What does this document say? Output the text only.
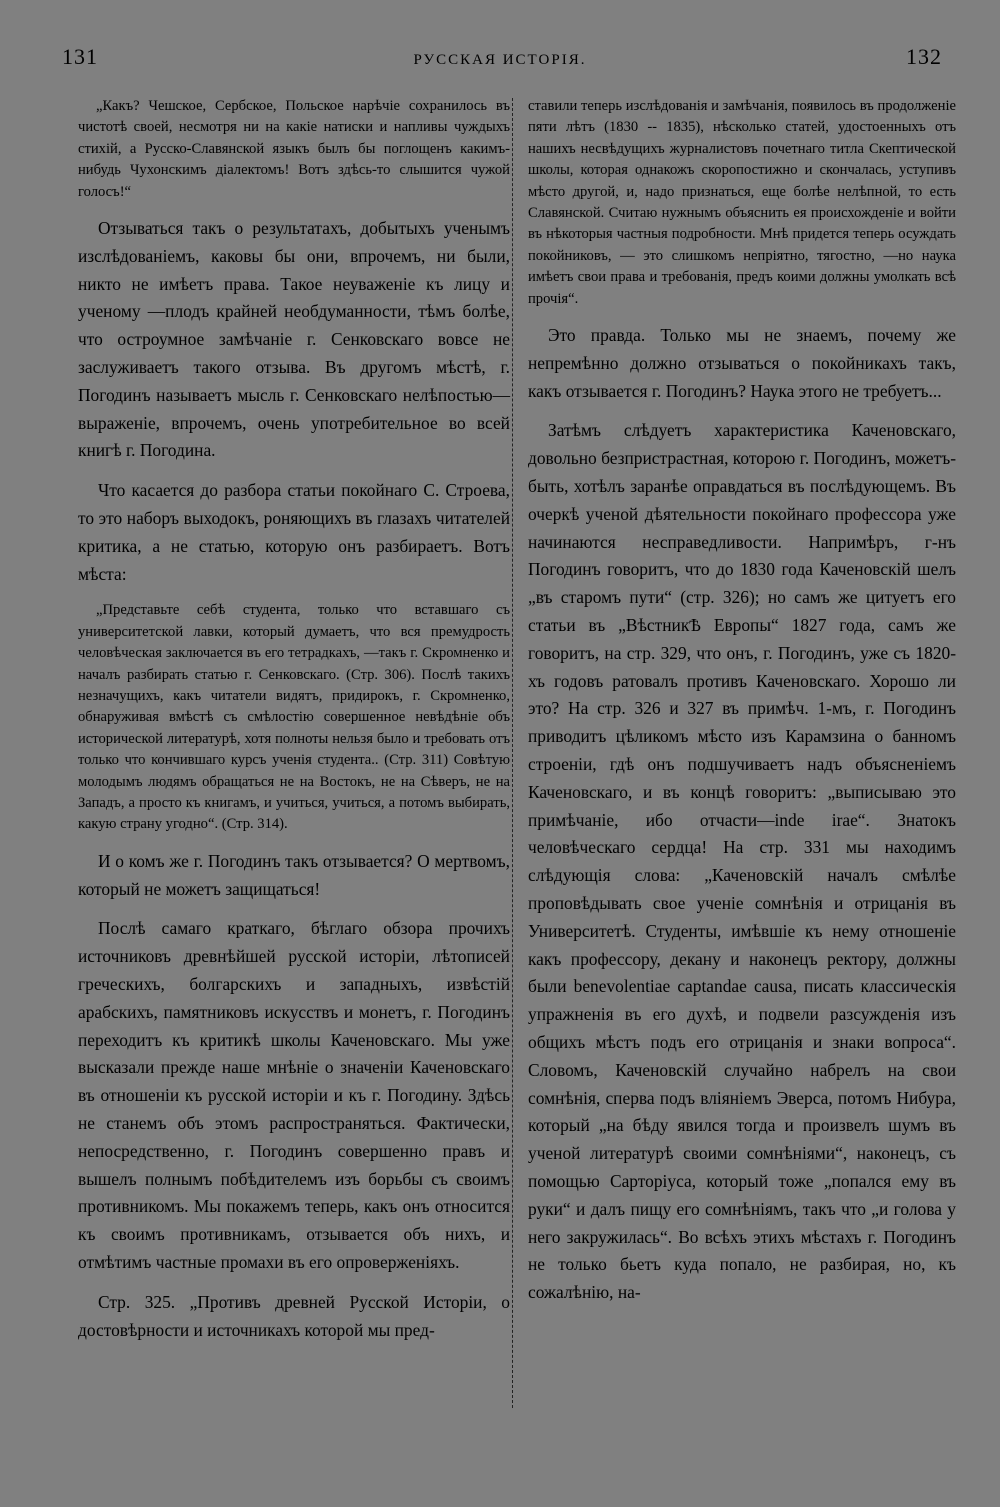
131	РУССКАЯ ИСТОРІЯ.	132

„Какъ? Чешское, Сербское, Польское нарѣчіе сохранилось въ чистотѣ своей, несмотря ни на какіе натиски и напливы чуждыхъ стихій, а Русско-Славянской языкъ былъ бы поглощенъ какимъ-нибудь Чухонскимъ діалектомъ! Вотъ здѣсь-то слышится чужой голосъ!“

Отзываться такъ о результатахъ, добытыхъ ученымъ изслѣдованіемъ, каковы бы они, впрочемъ, ни были, никто не имѣетъ права. Такое неуваженіе къ лицу и ученому —плодъ крайней необдуманности, тѣмъ болѣе, что остроумное замѣчаніе г. Сенковскаго вовсе не заслуживаетъ такого отзыва. Въ другомъ мѣстѣ, г. Погодинъ называетъ мысль г. Сенковскаго нелѣпостью—выраженіе, впрочемъ, очень употребительное во всей книгѣ г. Погодина.

Что касается до разбора статьи покойнаго С. Строева, то это наборъ выходокъ, роняющихъ въ глазахъ читателей критика, а не статью, которую онъ разбираетъ. Вотъ мѣста:

„Представьте себѣ студента, только что вставшаго съ университетской лавки, который думаетъ, что вся премудрость человѣческая заключается въ его тетрадкахъ, —такъ г. Скромненко и началъ разбирать статью г. Сенковскаго. (Стр. 306). Послѣ такихъ незначущихъ, какъ читатели видятъ, придирокъ, г. Скромненко, обнаруживая вмѣстѣ съ смѣлостію совершенное невѣдѣніе объ исторической литературѣ, хотя полноты нельзя было и требовать отъ только что кончившаго курсъ ученія студента.. (Стр. 311) Совѣтую молодымъ людямъ обращаться не на Востокъ, не на Сѣверъ, не на Западъ, а просто къ книгамъ, и учиться, учиться, а потомъ выбирать, какую страну угодно“. (Стр. 314).

И о комъ же г. Погодинъ такъ отзывается? О мертвомъ, который не можетъ защищаться!

Послѣ самаго краткаго, бѣглаго обзора прочихъ источниковъ древнѣйшей русской исторіи, лѣтописей греческихъ, болгарскихъ и западныхъ, извѣстій арабскихъ, памятниковъ искусствъ и монетъ, г. Погодинъ переходитъ къ критикѣ школы Каченовскаго. Мы уже высказали прежде наше мнѣніе о значеніи Каченовскаго въ отношеніи къ русской исторіи и къ г. Погодину. Здѣсь не станемъ объ этомъ распространяться. Фактически, непосредственно, г. Погодинъ совершенно правъ и вышелъ полнымъ побѣдителемъ изъ борьбы съ своимъ противникомъ. Мы покажемъ теперь, какъ онъ относится къ своимъ противникамъ, отзывается объ нихъ, и отмѣтимъ частные промахи въ его опроверженіяхъ.

Стр. 325. „Противъ древней Русской Исторіи, о достовѣрности и источникахъ которой мы пред-

ставили теперь изслѣдованія и замѣчанія, появилось въ продолженіе пяти лѣтъ (1830 -- 1835), нѣсколько статей, удостоенныхъ отъ нашихъ несвѣдущихъ журналистовъ почетнаго титла Скептической школы, которая однакожъ скоропостижно и скончалась, уступивъ мѣсто другой, и, надо признаться, еще болѣе нелѣпной, то есть Славянской. Считаю нужнымъ объяснить ея происхожденіе и войти въ нѣкоторыя частныя подробности. Мнѣ придется теперь осуждать покойниковъ, — это слишкомъ непріятно, тягостно, —но наука имѣетъ свои права и требованія, предъ коими должны умолкать всѣ прочія“.

Это правда. Только мы не знаемъ, почему же непремѣнно должно отзываться о покойникахъ такъ, какъ отзывается г. Погодинъ? Наука этого не требуетъ...

Затѣмъ слѣдуетъ характеристика Каченовскаго, довольно безпристрастная, которою г. Погодинъ, можетъ-быть, хотѣлъ заранѣе оправдаться въ послѣдующемъ. Въ очеркѣ ученой дѣятельности покойнаго профессора уже начинаются несправедливости. Напримѣръ, г-нъ Погодинъ говоритъ, что до 1830 года Каченовскій шелъ „въ старомъ пути“ (стр. 326); но самъ же цитуетъ его статьи въ „ВѣстникѢ Европы“ 1827 года, самъ же говоритъ, на стр. 329, что онъ, г. Погодинъ, уже съ 1820-хъ годовъ ратовалъ противъ Каченовскаго. Хорошо ли это? На стр. 326 и 327 въ примѣч. 1-мъ, г. Погодинъ приводитъ цѣликомъ мѣсто изъ Карамзина о банномъ строеніи, гдѣ онъ подшучиваетъ надъ объясненіемъ Каченовскаго, и въ концѣ говоритъ: „выписываю это примѣчаніе, ибо отчасти—inde irae“. Знатокъ человѣческаго сердца! На стр. 331 мы находимъ слѣдующія слова: „Каченовскій началъ смѣлѣе проповѣдывать свое ученіе сомнѣнія и отрицанія въ Университетѣ. Студенты, имѣвшіе къ нему отношеніе какъ профессору, декану и наконецъ ректору, должны были benevolentiae captandae causa, писать классическія упражненія въ его духѣ, и подвели разсужденія изъ общихъ мѣстъ подъ его отрицанія и знаки вопроса“. Словомъ, Каченовскій случайно набрелъ на свои сомнѣнія, сперва подъ вліяніемъ Эверса, потомъ Нибура, который „на бѣду явился тогда и произвелъ шумъ въ ученой литературѣ своими сомнѣніями“, наконецъ, съ помощью Сарторіуса, который тоже „попался ему въ руки“ и далъ пищу его сомнѣніямъ, такъ что „и голова у него закружилась“. Во всѣхъ этихъ мѣстахъ г. Погодинъ не только бьетъ куда попало, не разбирая, но, къ сожалѣнію, на-
